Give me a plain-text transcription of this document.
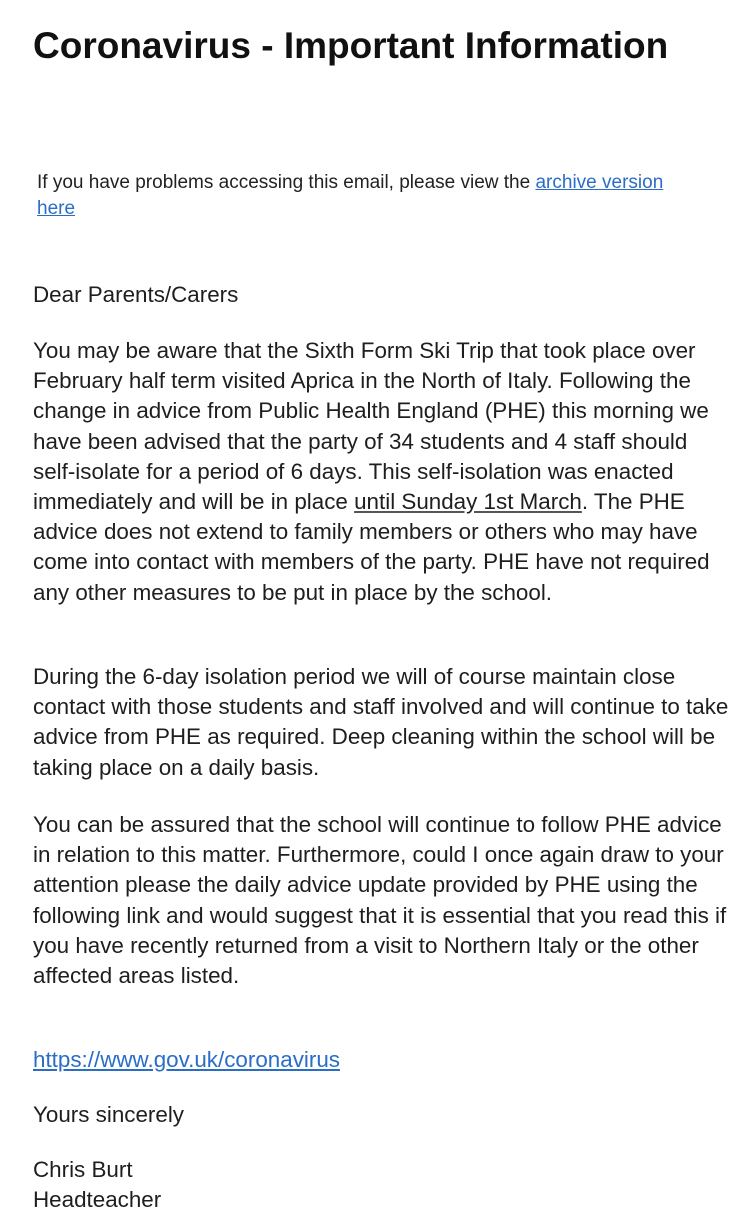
Coronavirus - Important Information

If you have problems accessing this email, please view the archive version here

Dear Parents/Carers

You may be aware that the Sixth Form Ski Trip that took place over February half term visited Aprica in the North of Italy. Following the change in advice from Public Health England (PHE) this morning we have been advised that the party of 34 students and 4 staff should self-isolate for a period of 6 days. This self-isolation was enacted immediately and will be in place until Sunday 1st March. The PHE advice does not extend to family members or others who may have come into contact with members of the party. PHE have not required any other measures to be put in place by the school.

During the 6-day isolation period we will of course maintain close contact with those students and staff involved and will continue to take advice from PHE as required. Deep cleaning within the school will be taking place on a daily basis.

You can be assured that the school will continue to follow PHE advice in relation to this matter. Furthermore, could I once again draw to your attention please the daily advice update provided by PHE using the following link and would suggest that it is essential that you read this if you have recently returned from a visit to Northern Italy or the other affected areas listed.

https://www.gov.uk/coronavirus

Yours sincerely

Chris Burt
Headteacher
